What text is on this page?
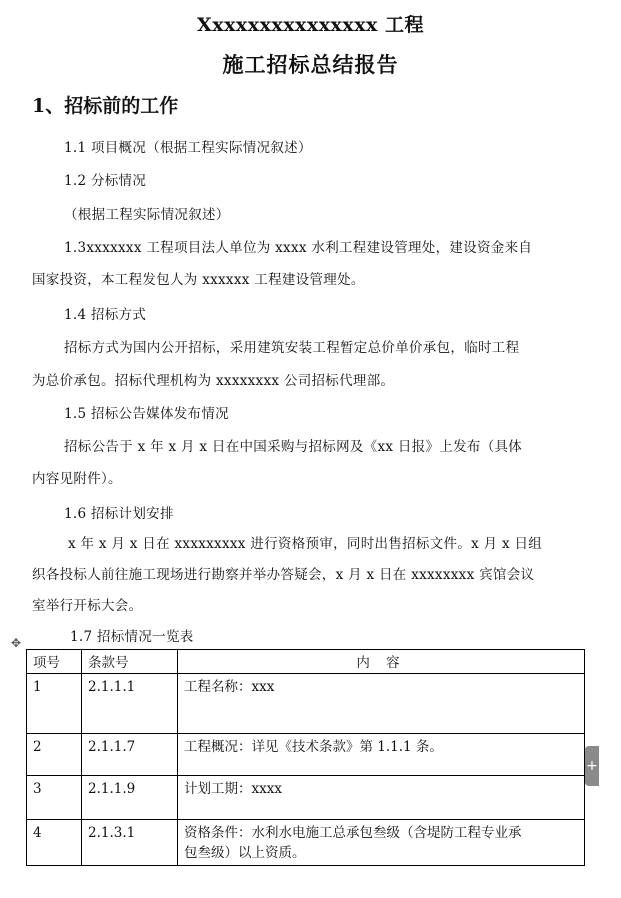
Xxxxxxxxxxxxxxx 工程
施工招标总结报告
1、招标前的工作
1.1 项目概况（根据工程实际情况叙述）
1.2 分标情况
（根据工程实际情况叙述）
1.3xxxxxxx 工程项目法人单位为 xxxx 水利工程建设管理处，建设资金来自
国家投资，本工程发包人为 xxxxxx 工程建设管理处。
1.4 招标方式
招标方式为国内公开招标，采用建筑安装工程暂定总价单价承包，临时工程
为总价承包。招标代理机构为 xxxxxxxx 公司招标代理部。
1.5 招标公告媒体发布情况
招标公告于 x 年 x 月 x 日在中国采购与招标网及《xx 日报》上发布（具体
内容见附件）。
1.6 招标计划安排
x 年 x 月 x 日在 xxxxxxxxx 进行资格预审，同时出售招标文件。x 月 x 日组
织各投标人前往施工现场进行勘察并举办答疑会，x 月 x 日在 xxxxxxxx 宾馆会议
室举行开标大会。
1.7 招标情况一览表
✥
项号	条款号	内 容
1	2.1.1.1	工程名称：xxx
2	2.1.1.7	工程概况：详见《技术条款》第 1.1.1 条。
3	2.1.1.9	计划工期：xxxx
4	2.1.3.1	资格条件：水利水电施工总承包叁级（含堤防工程专业承
包叁级）以上资质。
+
